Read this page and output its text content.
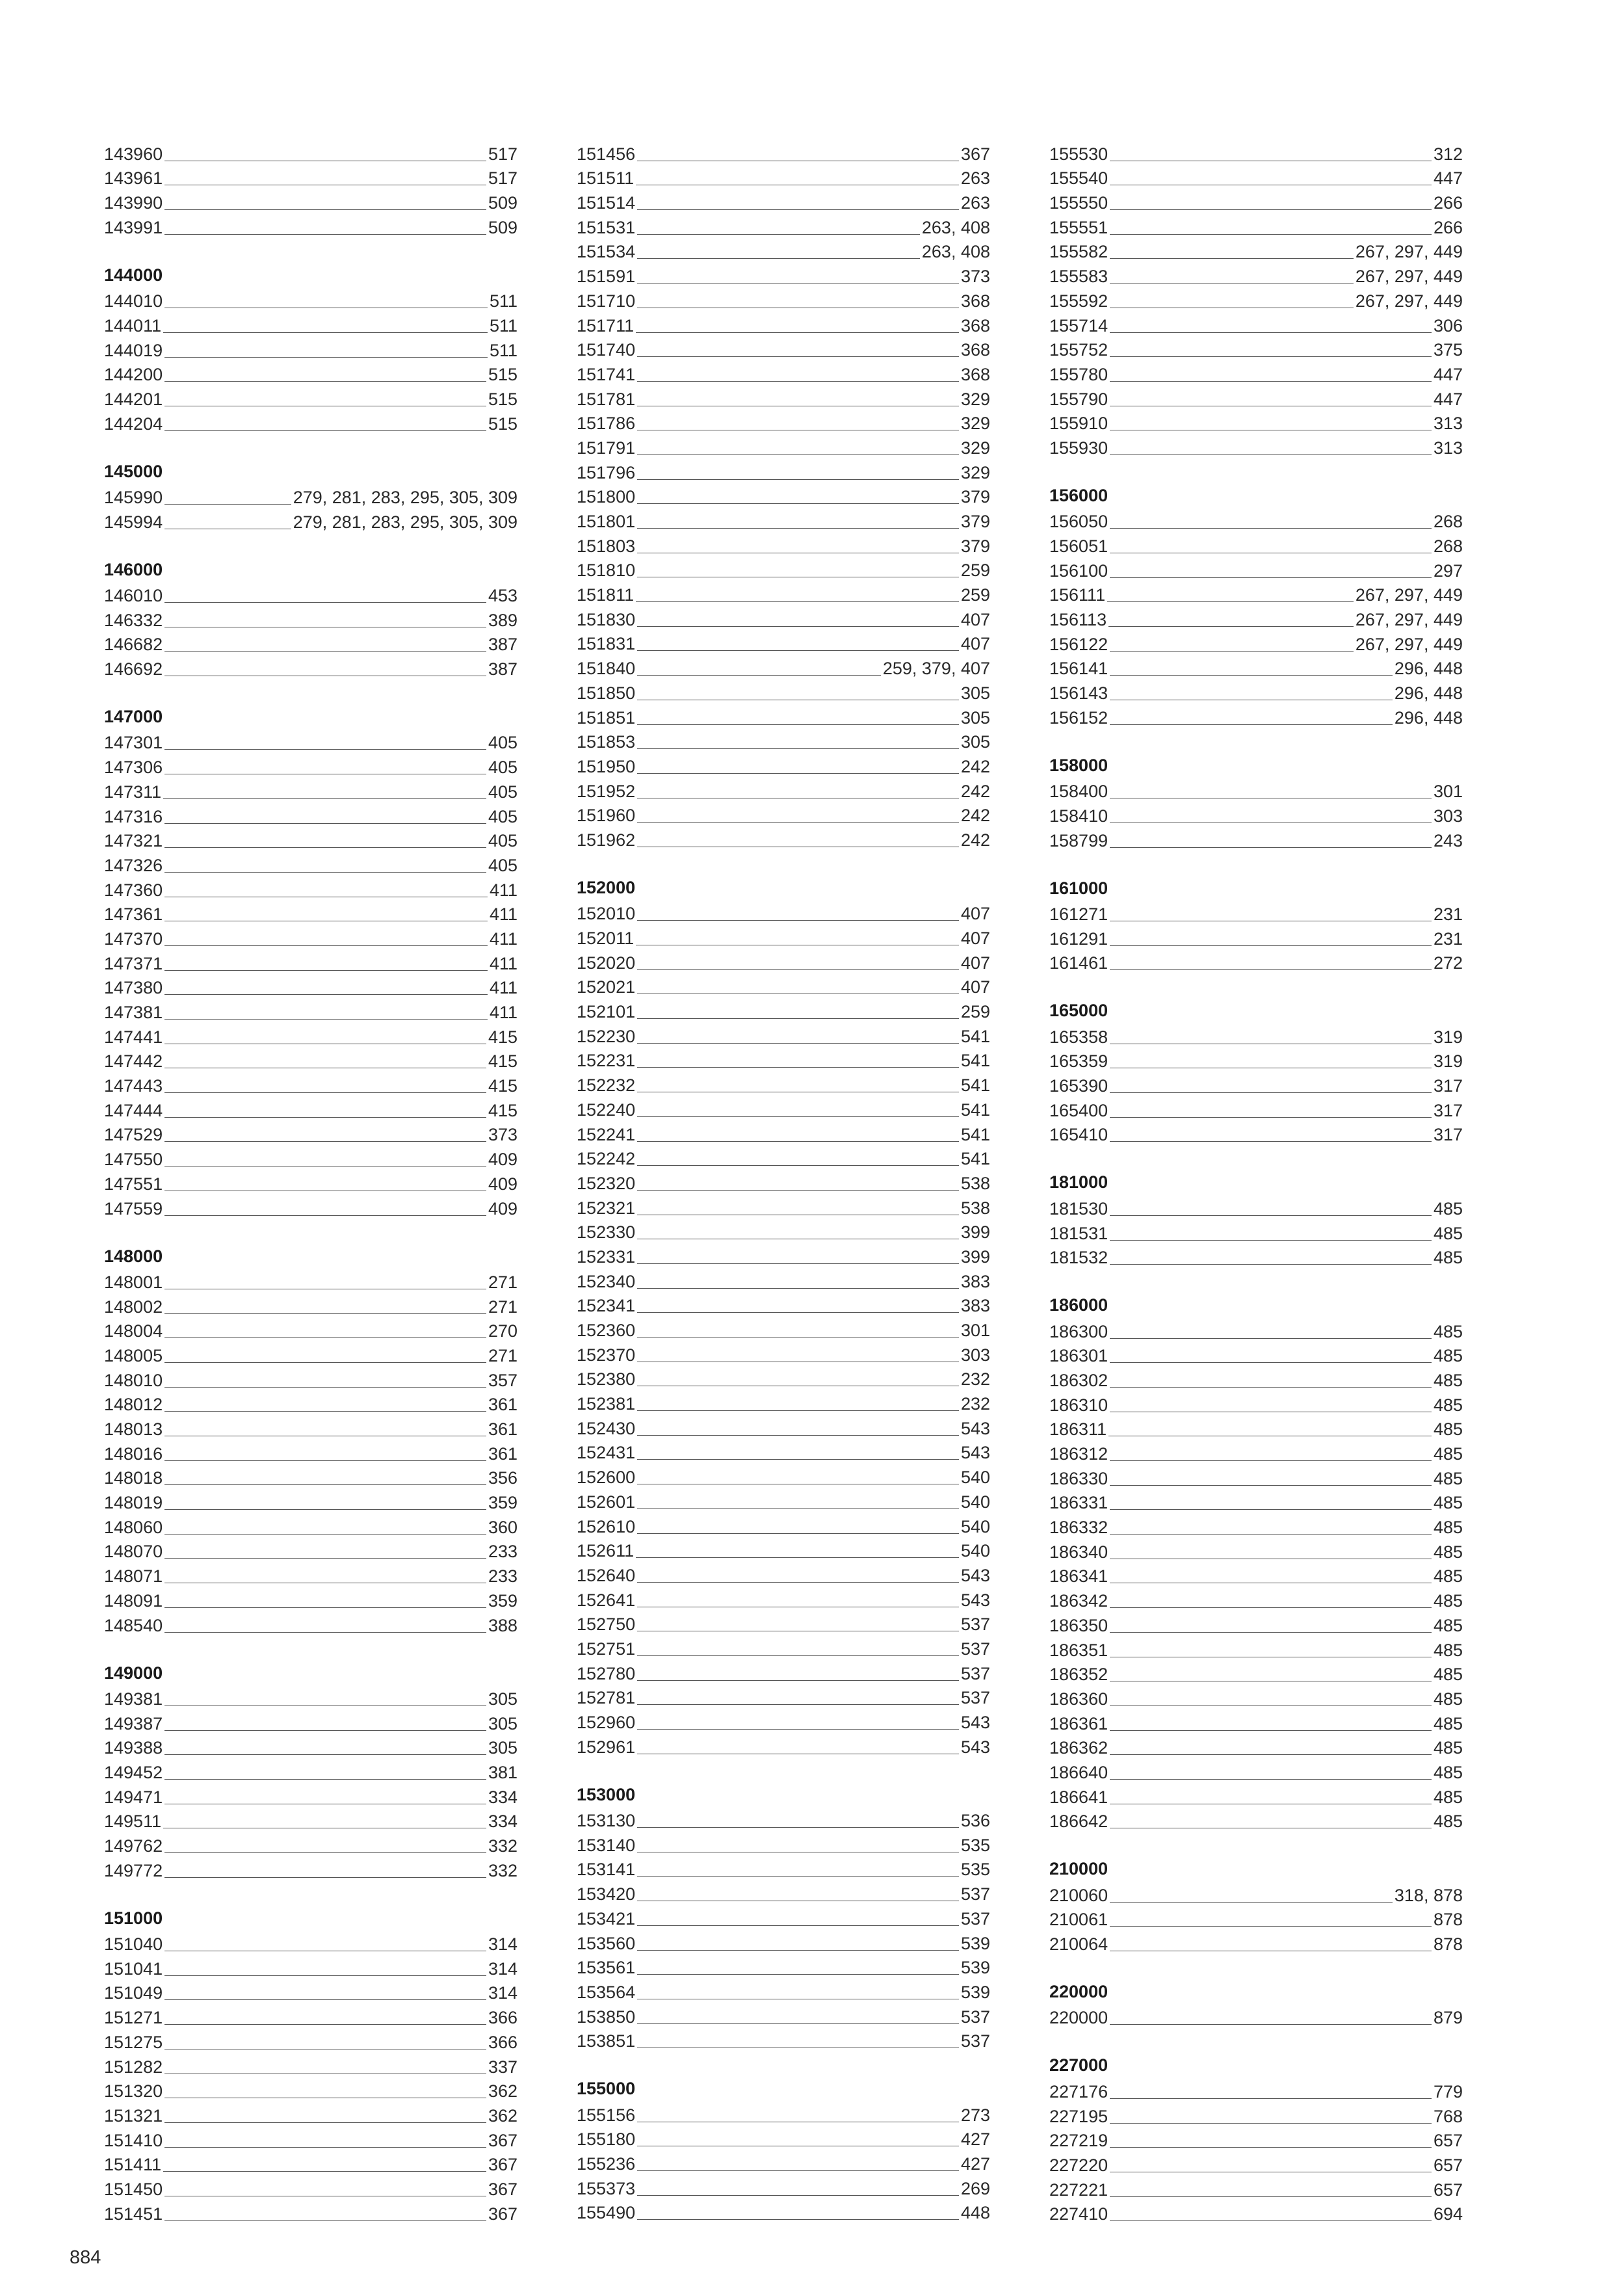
143960	517
143961	517
143990	509
143991	509
144000
144010	511
144011	511
144019	511
144200	515
144201	515
144204	515
145000
145990	279, 281, 283, 295, 305, 309
145994	279, 281, 283, 295, 305, 309
146000
146010	453
146332	389
146682	387
146692	387
147000
147301	405
147306	405
147311	405
147316	405
147321	405
147326	405
147360	411
147361	411
147370	411
147371	411
147380	411
147381	411
147441	415
147442	415
147443	415
147444	415
147529	373
147550	409
147551	409
147559	409
148000
148001	271
148002	271
148004	270
148005	271
148010	357
148012	361
148013	361
148016	361
148018	356
148019	359
148060	360
148070	233
148071	233
148091	359
148540	388
149000
149381	305
149387	305
149388	305
149452	381
149471	334
149511	334
149762	332
149772	332
151000
151040	314
151041	314
151049	314
151271	366
151275	366
151282	337
151320	362
151321	362
151410	367
151411	367
151450	367
151451	367
151456	367
151511	263
151514	263
151531	263, 408
151534	263, 408
151591	373
151710	368
151711	368
151740	368
151741	368
151781	329
151786	329
151791	329
151796	329
151800	379
151801	379
151803	379
151810	259
151811	259
151830	407
151831	407
151840	259, 379, 407
151850	305
151851	305
151853	305
151950	242
151952	242
151960	242
151962	242
152000
152010	407
152011	407
152020	407
152021	407
152101	259
152230	541
152231	541
152232	541
152240	541
152241	541
152242	541
152320	538
152321	538
152330	399
152331	399
152340	383
152341	383
152360	301
152370	303
152380	232
152381	232
152430	543
152431	543
152600	540
152601	540
152610	540
152611	540
152640	543
152641	543
152750	537
152751	537
152780	537
152781	537
152960	543
152961	543
153000
153130	536
153140	535
153141	535
153420	537
153421	537
153560	539
153561	539
153564	539
153850	537
153851	537
155000
155156	273
155180	427
155236	427
155373	269
155490	448
155530	312
155540	447
155550	266
155551	266
155582	267, 297, 449
155583	267, 297, 449
155592	267, 297, 449
155714	306
155752	375
155780	447
155790	447
155910	313
155930	313
156000
156050	268
156051	268
156100	297
156111	267, 297, 449
156113	267, 297, 449
156122	267, 297, 449
156141	296, 448
156143	296, 448
156152	296, 448
158000
158400	301
158410	303
158799	243
161000
161271	231
161291	231
161461	272
165000
165358	319
165359	319
165390	317
165400	317
165410	317
181000
181530	485
181531	485
181532	485
186000
186300	485
186301	485
186302	485
186310	485
186311	485
186312	485
186330	485
186331	485
186332	485
186340	485
186341	485
186342	485
186350	485
186351	485
186352	485
186360	485
186361	485
186362	485
186640	485
186641	485
186642	485
210000
210060	318, 878
210061	878
210064	878
220000
220000	879
227000
227176	779
227195	768
227219	657
227220	657
227221	657
227410	694
884
